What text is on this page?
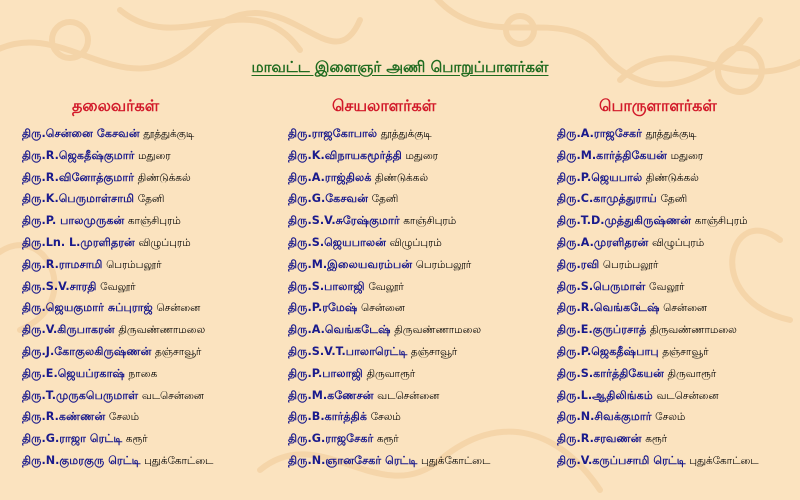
மாவட்ட இளைஞர் அணி பொறுப்பாளர்கள்
தலைவர்கள்
திரு.சென்னை கேசவன் தூத்துக்குடி
திரு.R.ஜெகதீஷ்குமார் மதுரை
திரு.R.வினோத்குமார் திண்டுக்கல்
திரு.K.பெருமாள்சாமி தேனி
திரு.P. பாலமுருகன் காஞ்சிபுரம்
திரு.Ln. L.முரளிதரன் விழுப்புரம்
திரு.R.ராமசாமி பெரம்பலூர்
திரு.S.V.சாரதி வேலூர்
திரு.ஜெயகுமார் சுப்புராஜ் சென்னை
திரு.V.கிருபாகரன் திருவண்ணாமலை
திரு.J.கோகுலகிருஷ்ணன் தஞ்சாவூர்
திரு.E.ஜெயப்ரகாஷ் நாகை
திரு.T.முருகபெருமாள் வடசென்னை
திரு.R.கண்ணன் சேலம்
திரு.G.ராஜா ரெட்டி கரூர்
திரு.N.குமரகுரு ரெட்டி புதுக்கோட்டை
செயலாளர்கள்
திரு.ராஜகோபால் தூத்துக்குடி
திரு.K.விநாயகமூர்த்தி மதுரை
திரு.A.ராஜ்திலக் திண்டுக்கல்
திரு.G.கேசவன் தேனி
திரு.S.V.சுரேஷ்குமார் காஞ்சிபுரம்
திரு.S.ஜெயபாலன் விழுப்புரம்
திரு.M.இலையவரம்பன் பெரம்பலூர்
திரு.S.பாலாஜி வேலூர்
திரு.P.ரமேஷ் சென்னை
திரு.A.வெங்கடேஷ் திருவண்ணாமலை
திரு.S.V.T.பாலாரெட்டி தஞ்சாவூர்
திரு.P.பாலாஜி திருவாரூர்
திரு.M.கணேசன் வடசென்னை
திரு.B.கார்த்திக் சேலம்
திரு.G.ராஜசேகர் கரூர்
திரு.N.ஞானசேகர் ரெட்டி புதுக்கோட்டை
பொருளாளர்கள்
திரு.A.ராஜசேகர் தூத்துக்குடி
திரு.M.கார்த்திகேயன் மதுரை
திரு.P.ஜெயபால் திண்டுக்கல்
திரு.C.காமுத்துராய் தேனி
திரு.T.D.முத்துகிருஷ்ணன் காஞ்சிபுரம்
திரு.A.முரளிதரன் விழுப்புரம்
திரு.ரவி பெரம்பலூர்
திரு.S.பெருமாள் வேலூர்
திரு.R.வெங்கடேஷ் சென்னை
திரு.E.குருப்ரசாத் திருவண்ணாமலை
திரு.P.ஜெகதீஷ்பாபு தஞ்சாவூர்
திரு.S.கார்த்திகேயன் திருவாரூர்
திரு.L.ஆதிலிங்கம் வடசென்னை
திரு.N.சிவக்குமார் சேலம்
திரு.R.சரவணன் கரூர்
திரு.V.கருப்பசாமி ரெட்டி புதுக்கோட்டை
